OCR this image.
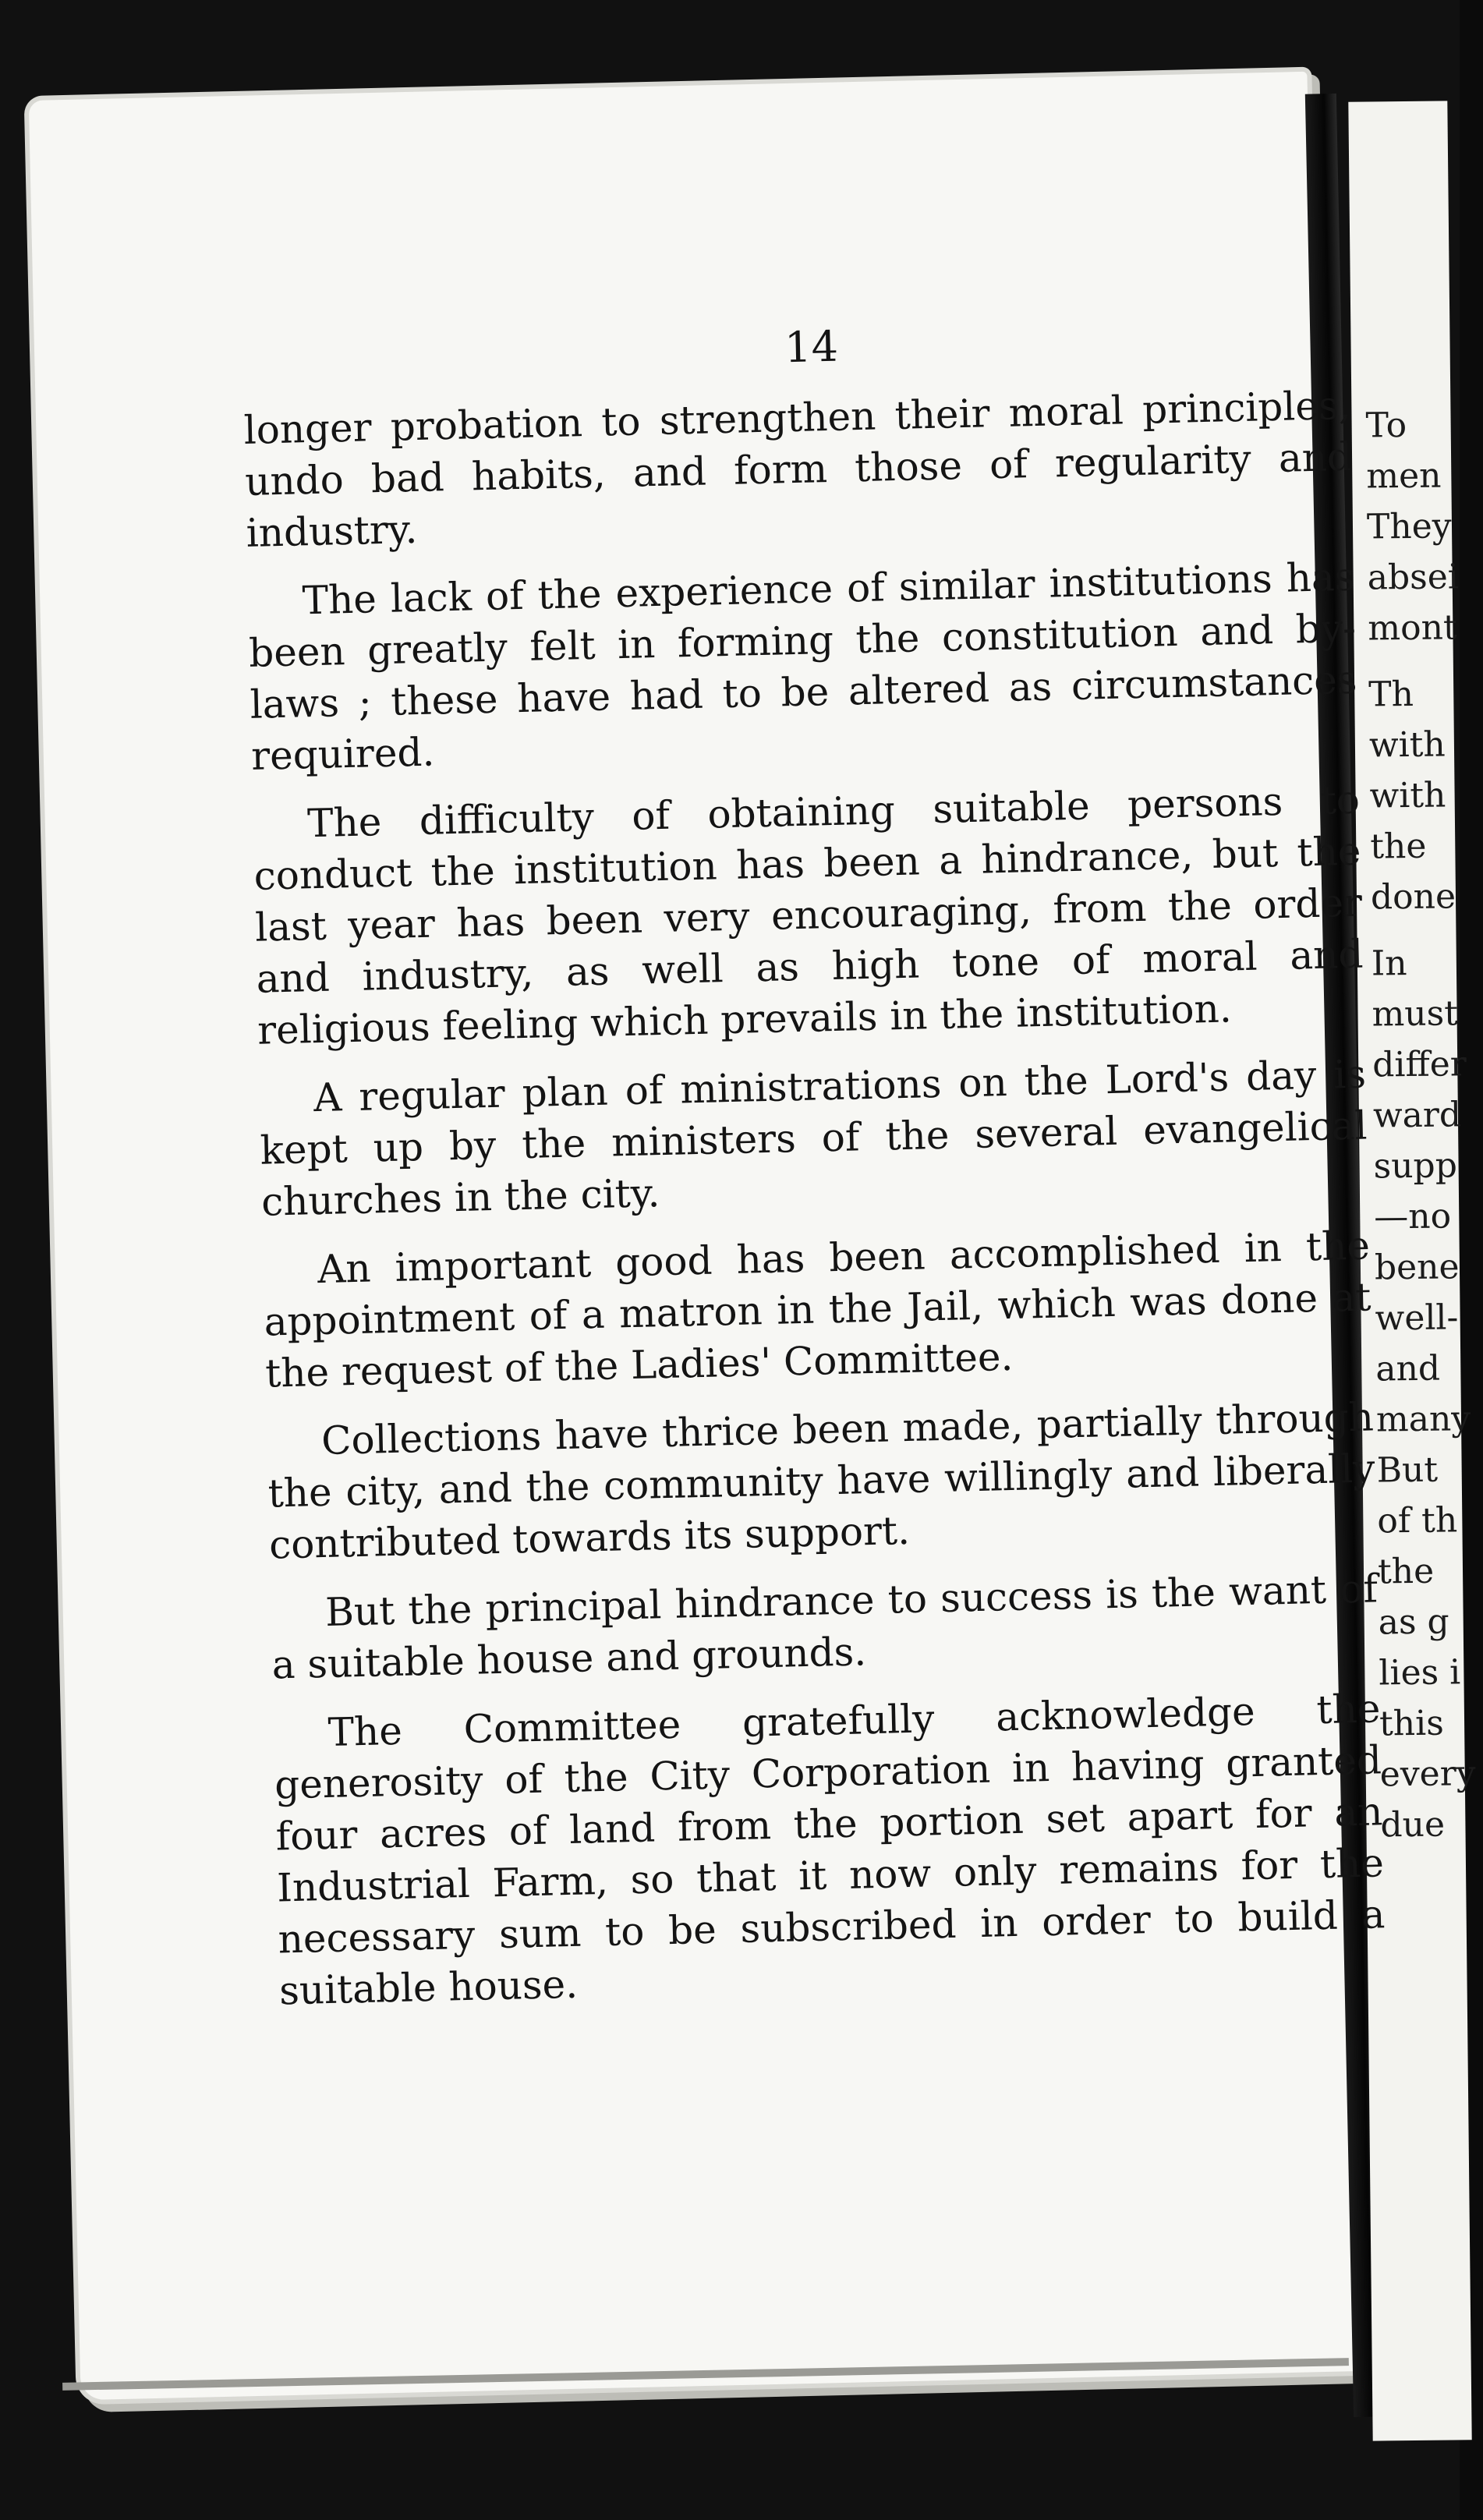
To
men
They
absei
mont
Th
with
with
the
done
In
must
differ
ward
supp
—no
bene
well-
and
many
But
of th
the
as g
lies i
this
every
due
14

longer probation to strengthen their moral principles, undo bad habits, and form those of regularity and industry.

The lack of the experience of similar institutions has been greatly felt in forming the constitution and by-laws ; these have had to be altered as circumstances required.

The difficulty of obtaining suitable persons to conduct the institution has been a hindrance, but the last year has been very encouraging, from the order and industry, as well as high tone of moral and religious feeling which prevails in the institution.

A regular plan of ministrations on the Lord's day is kept up by the ministers of the several evangelical churches in the city.

An important good has been accomplished in the appointment of a matron in the Jail, which was done at the request of the Ladies' Committee.

Collections have thrice been made, partially through the city, and the community have willingly and liberally contributed towards its support.

But the principal hindrance to success is the want of a suitable house and grounds.

The Committee gratefully acknowledge the generosity of the City Corporation in having granted four acres of land from the portion set apart for an Industrial Farm, so that it now only remains for the necessary sum to be subscribed in order to build a suitable house.
